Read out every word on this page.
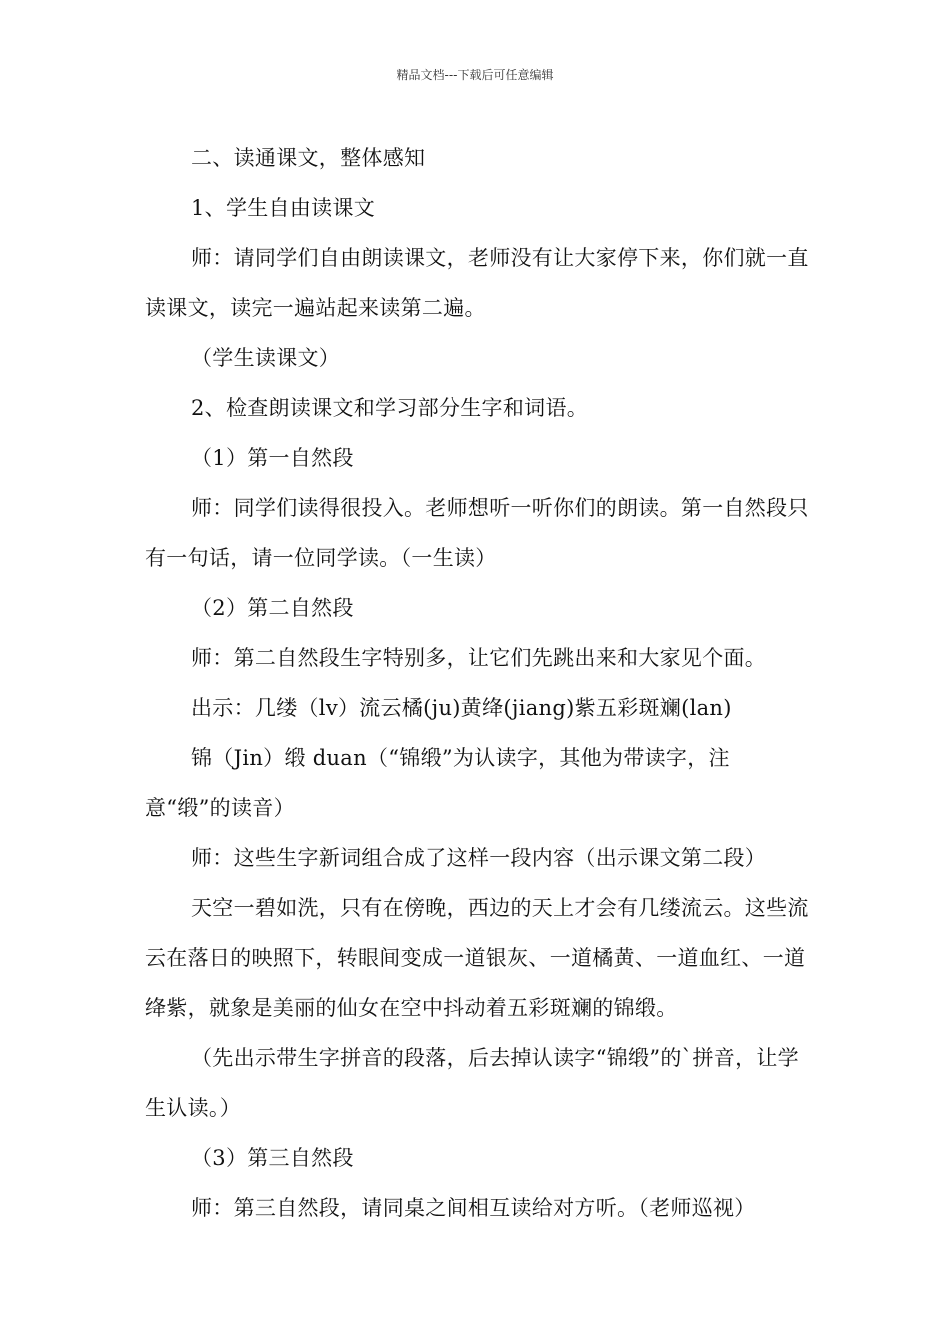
精品文档---下载后可任意编辑

二、读通课文，整体感知

1、学生自由读课文

师：请同学们自由朗读课文，老师没有让大家停下来，你们就一直读课文，读完一遍站起来读第二遍。

（学生读课文）

2、检查朗读课文和学习部分生字和词语。

（1）第一自然段

师：同学们读得很投入。老师想听一听你们的朗读。第一自然段只有一句话，请一位同学读。（一生读）

（2）第二自然段

师：第二自然段生字特别多，让它们先跳出来和大家见个面。

出示：几缕（lv）流云橘(ju)黄绛(jiang)紫五彩斑斓(lan)

锦（Jin）缎 duan（“锦缎”为认读字，其他为带读字，注意“缎”的读音）

师：这些生字新词组合成了这样一段内容（出示课文第二段）

天空一碧如洗，只有在傍晚，西边的天上才会有几缕流云。这些流云在落日的映照下，转眼间变成一道银灰、一道橘黄、一道血红、一道绛紫，就象是美丽的仙女在空中抖动着五彩斑斓的锦缎。

（先出示带生字拼音的段落，后去掉认读字“锦缎”的`拼音，让学生认读。）

（3）第三自然段

师：第三自然段，请同桌之间相互读给对方听。（老师巡视）
